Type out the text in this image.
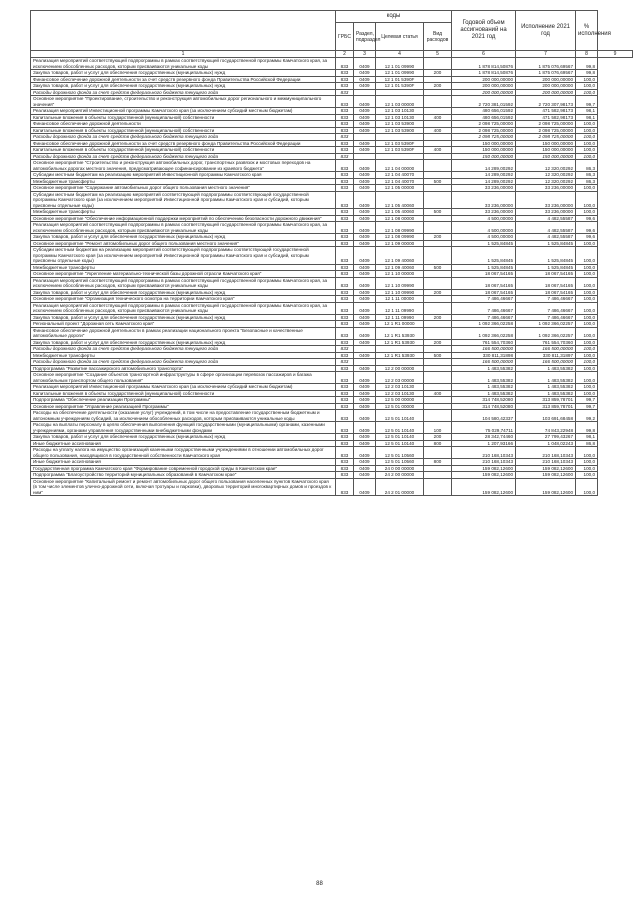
	коды				Годовой объем ассигнований на 2021 год	Исполнение 2021 год	% исполнения	
	ГРБС	Раздел, подраздел	Целевая статья	Вид расходов				
1	2	3	4	5	6	7	8	9
Реализация мероприятий соответствующей подпрограммы в рамках соответствующей государственной программы Камчатского края, за исключением обособленных расходов, которым присваиваются уникальные коды	833	0409	12 1 01 09990		1 878 814,50876	1 875 076,69567	99,8	
Закупка товаров, работ и услуг для обеспечения государственных (муниципальных) нужд	833	0409	12 1 01 09990	200	1 878 814,50876	1 875 076,69567	99,8	
Финансовое обеспечение дорожной деятельности за счет средств резервного фонда Правительства Российской Федерации	833	0409	12 1 01 5390F		200 000,00000	200 000,00000	100,0	
Закупка товаров, работ и услуг для обеспечения государственных (муниципальных) нужд	833	0409	12 1 01 5390F	200	200 000,00000	200 000,00000	100,0	
Расходы дорожного фонда за счет средств федерального бюджета текущего года	833				200 000,00000	200 000,00000	100,0	
Основное мероприятие "Проектирование, строительство и реконструкция автомобильных дорог регионального и межмуниципального значения"	833	0409	12 1 03 00000		2 720 381,01592	2 720 307,98173	99,7	
Реализация мероприятий Инвестиционной программы Камчатского края (за исключением субсидий местным бюджетам)	833	0409	12 1 03 10130		480 656,01592	471 582,98173	98,1	
Капитальные вложения в объекты государственной (муниципальной) собственности	833	0409	12 1 03 10130	400	480 656,01592	471 582,98173	98,1	
Финансовое обеспечение дорожной деятельности	833	0409	12 1 03 53900		2 098 725,00000	2 098 725,00000	100,0	
Капитальные вложения в объекты государственной (муниципальной) собственности	833	0409	12 1 03 53900	400	2 098 725,00000	2 098 725,00000	100,0	
Расходы дорожного фонда за счет средств федерального бюджета текущего года	833				2 098 725,00000	2 098 725,00000	100,0	
Финансовое обеспечение дорожной деятельности за счет средств резервного фонда Правительства Российской Федерации	833	0409	12 1 03 5390F		150 000,00000	150 000,00000	100,0	
Капитальные вложения в объекты государственной (муниципальной) собственности	833	0409	12 1 03 5390F	400	150 000,00000	150 000,00000	100,0	
Расходы дорожного фонда за счет средств федерального бюджета текущего года	833				150 000,00000	150 000,00000	100,0	
Основное мероприятие "Строительство и реконструкция автомобильных дорог, транспортных развязок и мостовых переходов на автомобильных дорогах местного значения, предусматривающее софинансирование из краевого бюджета"	833	0409	12 1 04 00000		14 289,00292	12 320,00292	86,3	
Субсидии местным бюджетам на реализацию мероприятий Инвестиционной программы Камчатского края	833	0409	12 1 04 40070		14 289,00292	12 320,00292	86,3	
Межбюджетные трансферты	833	0409	12 1 04 40070	500	14 289,00292	12 320,00292	86,3	
Основное мероприятие "Содержание автомобильных дорог общего пользования местного значения"	833	0409	12 1 05 00000		33 236,00000	33 236,00000	100,0	
Субсидии местным бюджетам на реализацию мероприятий соответствующей подпрограммы соответствующей государственной программы Камчатского края (за исключением мероприятий Инвестиционной программы Камчатского края и субсидий, которым присвоены отдельные коды)	833	0409	12 1 05 40060		33 236,00000	33 236,00000	100,0	
Межбюджетные трансферты	833	0409	12 1 05 40060	500	33 236,00000	33 236,00000	100,0	
Основное мероприятие "Обеспечение информационной поддержки мероприятий по обеспечению безопасности дорожного движения"	833	0409	12 1 08 00000		4 500,00000	4 482,55587	99,6	
Реализация мероприятий соответствующей подпрограммы в рамках соответствующей государственной программы Камчатского края, за исключением обособленных расходов, которым присваиваются уникальные коды	833	0409	12 1 08 09990		4 500,00000	4 482,55587	99,6	
Закупка товаров, работ и услуг для обеспечения государственных (муниципальных) нужд	833	0409	12 1 08 09990	200	4 500,00000	4 482,55587	99,6	
Основное мероприятие "Ремонт автомобильных дорог общего пользования местного значения"	833	0409	12 1 09 00000		1 525,84845	1 525,84845	100,0	
Субсидии местным бюджетам на реализацию мероприятий соответствующей подпрограммы соответствующей государственной программы Камчатского края (за исключением мероприятий Инвестиционной программы Камчатского края и субсидий, которым присвоены отдельные коды)	833	0409	12 1 09 40060		1 525,84845	1 525,84845	100,0	
Межбюджетные трансферты	833	0409	12 1 09 40060	500	1 525,84845	1 525,84845	100,0	
Основное мероприятие "Укрепление материально-технической базы дорожной отрасли Камчатского края"	833	0409	12 1 10 00000		18 067,54165	18 067,54165	100,0	
Реализация мероприятий соответствующей подпрограммы в рамках соответствующей государственной программы Камчатского края, за исключением обособленных расходов, которым присваиваются уникальные коды	833	0409	12 1 10 09990		18 067,54165	18 067,54165	100,0	
Закупка товаров, работ и услуг для обеспечения государственных (муниципальных) нужд	833	0409	12 1 10 09990	200	18 067,54165	18 067,54165	100,0	
Основное мероприятие "Организация технического осмотра на территории Камчатского края"	833	0409	12 1 11 00000		7 486,46667	7 486,46667	100,0	
Реализация мероприятий соответствующей подпрограммы в рамках соответствующей государственной программы Камчатского края, за исключением обособленных расходов, которым присваиваются уникальные коды	833	0409	12 1 11 09990		7 486,46667	7 486,46667	100,0	
Закупка товаров, работ и услуг для обеспечения государственных (муниципальных) нужд	833	0409	12 1 11 09990	200	7 486,46667	7 486,46667	100,0	
Региональный проект "Дорожная сеть Камчатского края"	833	0409	12 1 R1 00000		1 092 366,02258	1 092 366,02257	100,0	
Финансовое обеспечение дорожной деятельности в рамках реализации национального проекта "Безопасные и качественные автомобильные дороги"	833	0409	12 1 R1 53930		1 092 366,02258	1 092 366,02257	100,0	
Закупка товаров, работ и услуг для обеспечения государственных (муниципальных) нужд	833	0409	12 1 R1 53930	200	761 554,70360	761 554,70360	100,0	
Расходы дорожного фонда за счет средств федерального бюджета текущего года	833				166 500,00000	166 500,00000	100,0	
Межбюджетные трансферты	833	0409	12 1 R1 53930	500	330 811,31898	330 811,31897	100,0	
Расходы дорожного фонда за счет средств федерального бюджета текущего года	833				166 500,00000	166 500,00000	100,0	
Подпрограмма "Развитие пассажирского автомобильного транспорта"	833	0409	12 2 00 00000		1 483,55382	1 483,55382	100,0	
Основное мероприятие "Создание объектов транспортной инфраструктуры в сфере организации перевозок пассажиров и багажа автомобильным транспортом общего пользования"	833	0409	12 2 03 00000		1 483,55382	1 483,55382	100,0	
Реализация мероприятий Инвестиционной программы Камчатского края (за исключением субсидий местным бюджетам)	833	0409	12 2 03 10130		1 483,55382	1 483,55382	100,0	
Капитальные вложения в объекты государственной (муниципальной) собственности	833	0409	12 2 03 10130	400	1 483,55382	1 483,55382	100,0	
Подпрограмма "Обеспечение реализации Программы"	833	0409	12 5 00 00000		314 748,52080	313 859,78701	99,7	
Основное мероприятие "Управление реализацией Программы"	833	0409	12 5 01 00000		314 748,52080	313 859,78701	99,7	
Расходы на обеспечение деятельности (оказание услуг) учреждений, в том числе на предоставление государственным бюджетным и автономным учреждениям субсидий, за исключением обособленных расходов, которым присваиваются уникальные коды	833	0409	12 5 01 10140		104 580,42337	103 691,68458	99,2	
Расходы на выплаты персоналу в целях обеспечения выполнения функций государственными (муниципальными) органами, казенными учреждениями, органами управления государственными внебюджетными фондами	833	0409	12 5 01 10140	100	75 029,74711	74 843,22948	99,8	
Закупка товаров, работ и услуг для обеспечения государственных (муниципальных) нужд	833	0409	12 5 01 10140	200	28 342,74460	27 799,43267	98,1	
Иные бюджетные ассигнования	833	0409	12 5 01 10140	800	1 207,93166	1 048,02243	86,8	
Расходы на уплату налога на имущество организаций казенными государственными учреждениями в отношении автомобильных дорог общего пользования, находящихся в государственной собственности Камчатского края	833	0409	12 5 01 10560		210 168,10343	210 168,10343	100,0	
Иные бюджетные ассигнования	833	0409	12 5 01 10560	800	210 168,10343	210 168,10343	100,0	
Государственная программа Камчатского края "Формирование современной городской среды в Камчатском крае"	833	0409	24 0 00 00000		159 082,12600	159 082,12600	100,0	
Подпрограмма "Благоустройство территорий муниципальных образований в Камчатском крае"	833	0409	24 2 00 00000		159 082,12600	159 082,12600	100,0	
Основное мероприятие "Капитальный ремонт и ремонт автомобильных дорог общего пользования населенных пунктов Камчатского края (в том числе элементов улично-дорожной сети, включая тротуары и парковки), дворовых территорий многоквартирных домов и проездов к ним"	833	0409	24 2 01 00000		159 082,12600	159 082,12600	100,0	
88
